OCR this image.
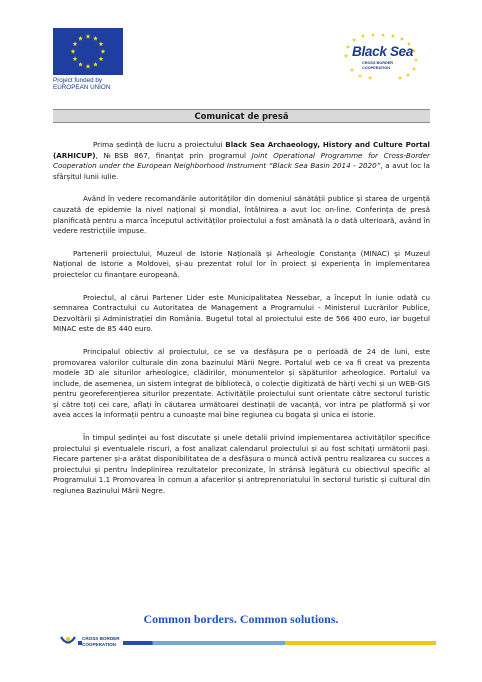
Project funded by
EUROPEAN UNION
Black Sea
CROSS BORDER
COOPERATION
Comunicat de presă

Prima ședință de lucru a proiectului Black Sea Archaeology, History and Culture Portal (ARHICUP), №BSB 867, finanțat prin programul Joint Operational Programme for Cross-Border Cooperation under the European Neighborhood Instrument “Black Sea Basin 2014 - 2020”, a avut loc la sfârșitul lunii iulie.

Având în vedere recomandările autorităților din domeniul sănătății publice și starea de urgență cauzată de epidemie la nivel național și mondial, întâlnirea a avut loc on-line. Conferința de presă planificată pentru a marca începutul activităților proiectului a fost amânată la o dată ulterioară, având în vedere restricțiile impuse.

Partenerii proiectului, Muzeul de Istorie Națională și Arheologie Constanța (MINAC) și Muzeul Național de Istorie a Moldovei, și-au prezentat rolul lor în proiect și experiența în implementarea proiectelor cu finanțare europeană.

Proiectul, al cărui Partener Lider este Municipalitatea Nessebar, a început în iunie odată cu semnarea Contractului cu Autoritatea de Management a Programului - Ministerul Lucrărilor Publice, Dezvoltării și Administrației din România. Bugetul total al proiectului este de 566 400 euro, iar bugetul MINAC este de 85 440 euro.

Principalul obiectiv al proiectului, ce se va desfășura pe o perioadă de 24 de luni, este promovarea valorilor culturale din zona bazinului Mării Negre. Portalul web ce va fi creat va prezenta modele 3D ale siturilor arheologice, clădirilor, monumentelor și săpăturilor arheologice. Portalul va include, de asemenea, un sistem integrat de bibliotecă, o colecție digitizată de hărți vechi și un WEB-GIS pentru georeferențierea siturilor prezentate. Activitățile proiectului sunt orientate către sectorul turistic și către toți cei care, aflați în căutarea următoarei destinații de vacanță, vor intra pe platformă și vor avea acces la informații pentru a cunoaște mai bine regiunea cu bogata și unica ei istorie.

În timpul ședinței au fost discutate și unele detalii privind implementarea activităților specifice proiectului și eventualele riscuri, a fost analizat calendarul proiectului și au fost schițați următorii pași. Fiecare partener și-a arătat disponibilitatea de a desfășura o muncă activă pentru realizarea cu succes a proiectului și pentru îndeplinirea rezultatelor preconizate, în strânsă legătură cu obiectivul specific al Programului 1.1 Promovarea în comun a afacerilor și antreprenoriatului în sectorul turistic și cultural din regiunea Bazinului Mării Negre.

Common borders. Common solutions.
CROSS BORDER
COOPERATION
